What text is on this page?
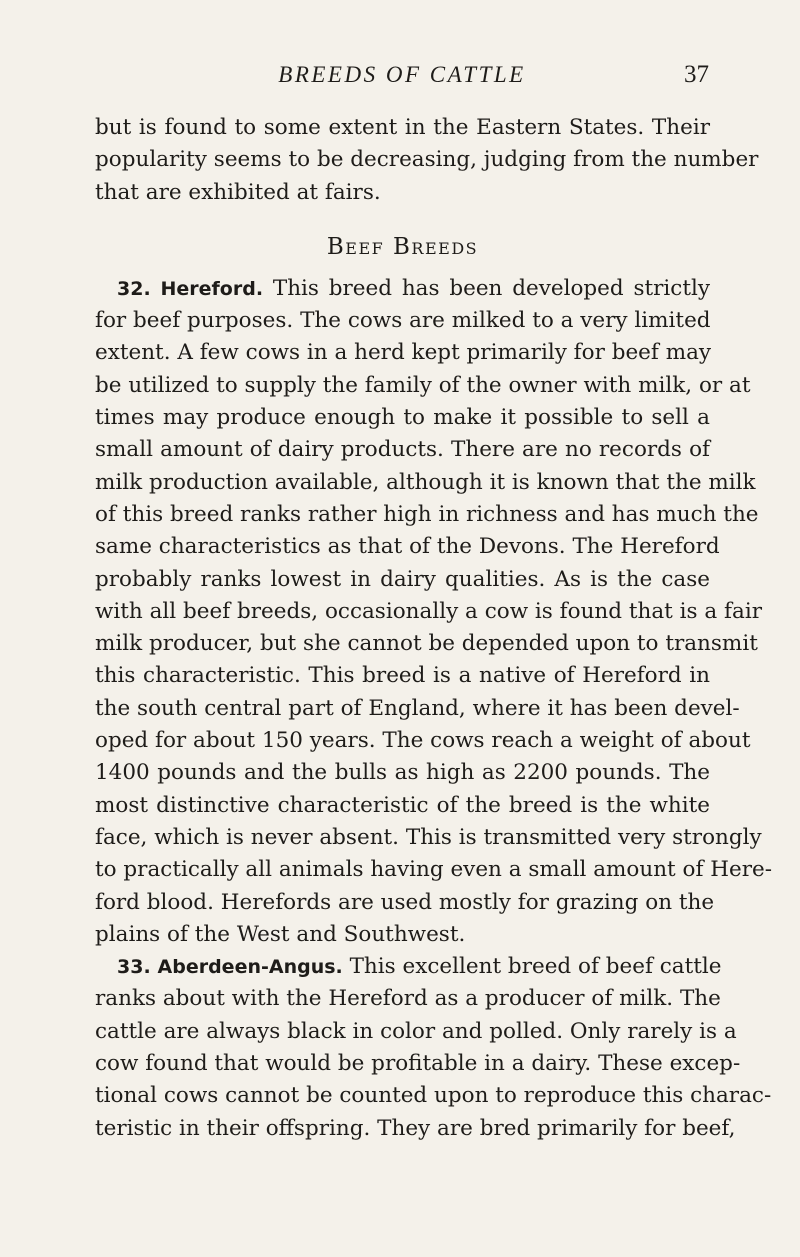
BREEDS OF CATTLE	37
but is found to some extent in the Eastern States. Their
popularity seems to be decreasing, judging from the number
that are exhibited at fairs.
Beef Breeds
32. Hereford. This breed has been developed strictly
for beef purposes. The cows are milked to a very limited
extent. A few cows in a herd kept primarily for beef may
be utilized to supply the family of the owner with milk, or at
times may produce enough to make it possible to sell a
small amount of dairy products. There are no records of
milk production available, although it is known that the milk
of this breed ranks rather high in richness and has much the
same characteristics as that of the Devons. The Hereford
probably ranks lowest in dairy qualities. As is the case
with all beef breeds, occasionally a cow is found that is a fair
milk producer, but she cannot be depended upon to transmit
this characteristic. This breed is a native of Hereford in
the south central part of England, where it has been devel-
oped for about 150 years. The cows reach a weight of about
1400 pounds and the bulls as high as 2200 pounds. The
most distinctive characteristic of the breed is the white
face, which is never absent. This is transmitted very strongly
to practically all animals having even a small amount of Here-
ford blood. Herefords are used mostly for grazing on the
plains of the West and Southwest.
33. Aberdeen-Angus. This excellent breed of beef cattle
ranks about with the Hereford as a producer of milk. The
cattle are always black in color and polled. Only rarely is a
cow found that would be profitable in a dairy. These excep-
tional cows cannot be counted upon to reproduce this charac-
teristic in their offspring. They are bred primarily for beef,
